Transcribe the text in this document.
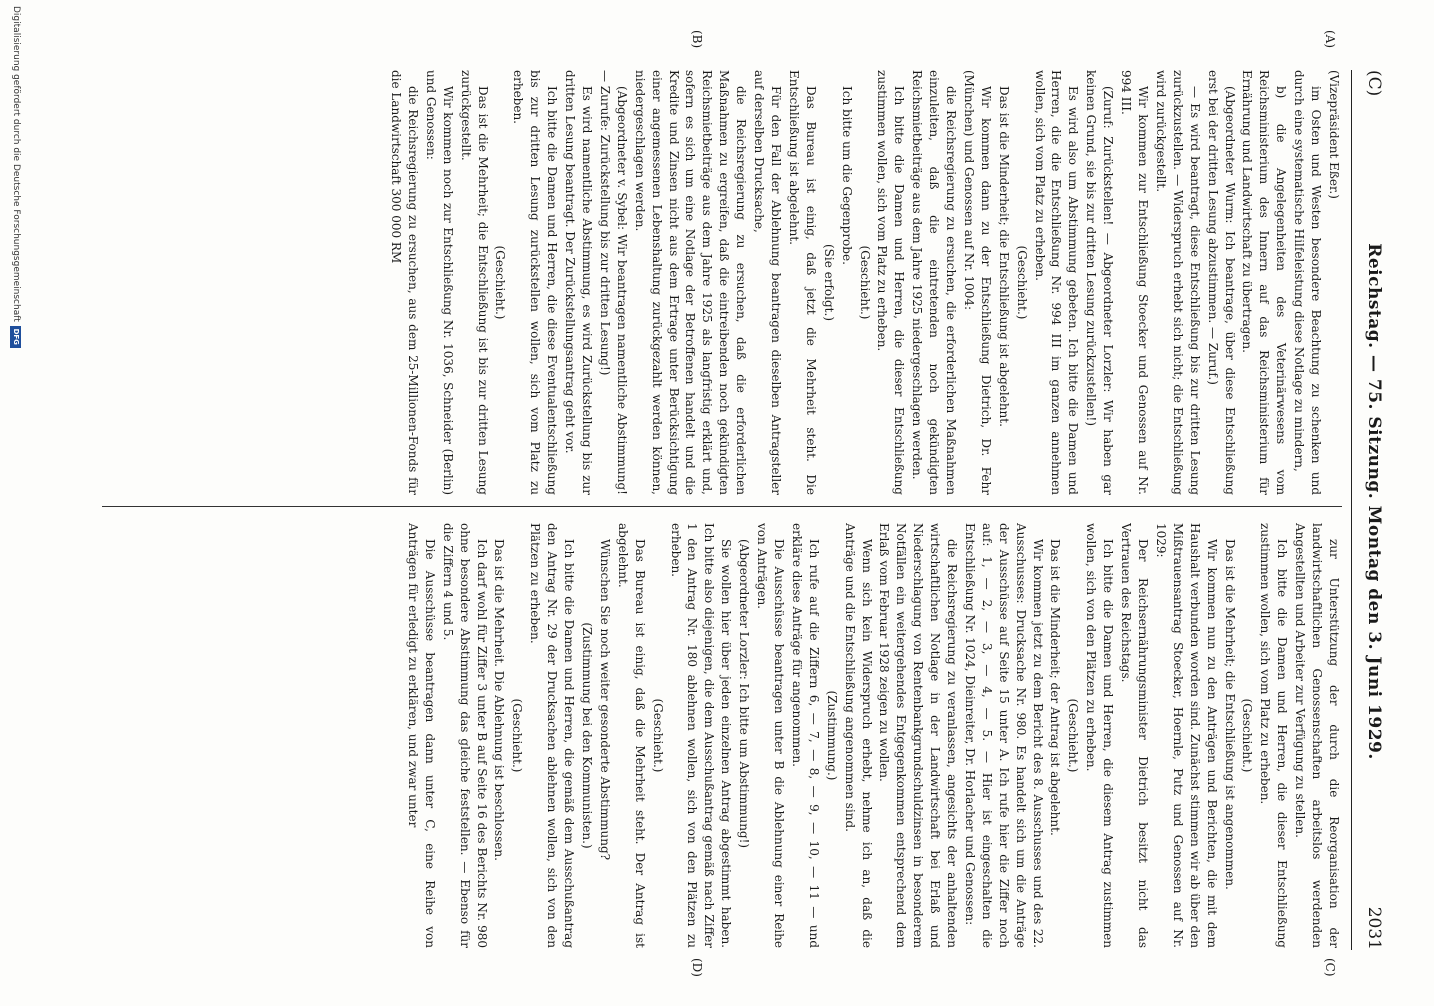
(C)
Reichstag. — 75. Sitzung. Montag den 3. Juni 1929.
2031
(A)
(B)
(C)
(D)

(Vizepräsident Eßer.)

im Osten und Westen besondere Beachtung zu schenken und durch eine systematische Hilfeleistung diese Notlage zu mindern,

b) die Angelegenheiten des Veterinärwesens vom Reichsministerium des Innern auf das Reichsministerium für Ernährung und Landwirtschaft zu übertragen.

(Abgeordneter Wurm: Ich beantrage, über diese Entschließung erst bei der dritten Lesung abzustimmen. — Zuruf.)

— Es wird beantragt, diese Entschließung bis zur dritten Lesung zurückzustellen. — Widerspruch erhebt sich nicht; die Entschließung wird zurückgestellt.

Wir kommen zur Entschließung Stoecker und Genossen auf Nr. 994 III.

(Zuruf: Zurückstellen! — Abgeordneter Lorzler: Wir haben gar keinen Grund, sie bis zur dritten Lesung zurückzustellen!)

Es wird also um Abstimmung gebeten. Ich bitte die Damen und Herren, die die Entschließung Nr. 994 III im ganzen annehmen wollen, sich vom Platz zu erheben.

(Geschieht.)

Das ist die Minderheit; die Entschließung ist abgelehnt.

Wir kommen dann zu der Entschließung Dietrich, Dr. Fehr (München) und Genossen auf Nr. 1004:

die Reichsregierung zu ersuchen, die erforderlichen Maßnahmen einzuleiten, daß die eintretenden noch gekündigten Reichsmietbeiträge aus dem Jahre 1925 niedergeschlagen werden.

Ich bitte die Damen und Herren, die dieser Entschließung zustimmen wollen, sich vom Platz zu erheben.

(Geschieht.)

Ich bitte um die Gegenprobe.

(Sie erfolgt.)

Das Bureau ist einig, daß jetzt die Mehrheit steht. Die Entschließung ist abgelehnt.

Für den Fall der Ablehnung beantragen dieselben Antragsteller auf derselben Drucksache,

die Reichsregierung zu ersuchen, daß die erforderlichen Maßnahmen zu ergreifen, daß die eintreibenden noch gekündigten Reichsmietbeiträge aus dem Jahre 1925 als langfristig erklärt und, sofern es sich um eine Notlage der Betroffenen handelt und die Kredite und Zinsen nicht aus dem Ertrage unter Berücksichtigung einer angemessenen Lebenshaltung zurückgezahlt werden können, niedergeschlagen werden.

(Abgeordneter v. Sybel: Wir beantragen namentliche Abstimmung! — Zurufe: Zurückstellung bis zur dritten Lesung!)

Es wird namentliche Abstimmung, es wird Zurückstellung bis zur dritten Lesung beantragt. Der Zurückstellungsantrag geht vor.

Ich bitte die Damen und Herren, die diese Eventualentschließung bis zur dritten Lesung zurückstellen wollen, sich vom Platz zu erheben.

(Geschieht.)

Das ist die Mehrheit; die Entschließung ist bis zur dritten Lesung zurückgestellt.

Wir kommen noch zur Entschließung Nr. 1036, Schneider (Berlin) und Genossen:

die Reichsregierung zu ersuchen, aus dem 25-Millionen-Fonds für die Landwirtschaft 300 000 RM

zur Unterstützung der durch die Reorganisation der landwirtschaftlichen Genossenschaften arbeitslos werdenden Angestellten und Arbeiter zur Verfügung zu stellen.

Ich bitte die Damen und Herren, die dieser Entschließung zustimmen wollen, sich vom Platz zu erheben.

(Geschieht.)

Das ist die Mehrheit; die Entschließung ist angenommen.

Wir kommen nun zu den Anträgen und Berichten, die mit dem Haushalt verbunden worden sind. Zunächst stimmen wir ab über den Mißtrauensantrag Stoecker, Hoernle, Putz und Genossen auf Nr. 1029:

Der Reichsernährungsminister Dietrich besitzt nicht das Vertrauen des Reichstags.

Ich bitte die Damen und Herren, die diesem Antrag zustimmen wollen, sich von den Plätzen zu erheben.

(Geschieht.)

Das ist die Minderheit; der Antrag ist abgelehnt.

Wir kommen jetzt zu dem Bericht des 8. Ausschusses und des 22. Ausschusses: Drucksache Nr. 980. Es handelt sich um die Anträge der Ausschüsse auf Seite 15 unter A. Ich rufe hier die Ziffer noch auf: 1, — 2, — 3, — 4, — 5. — Hier ist eingeschalten die Entschließung Nr. 1024, Dieinreiter, Dr. Horlacher und Genossen:

die Reichsregierung zu veranlassen, angesichts der anhaltenden wirtschaftlichen Notlage in der Landwirtschaft bei Erlaß und Niederschlagung von Rentenbankgrundschuldzinsen in besonderem Notfällen ein weitergehendes Entgegenkommen entsprechend dem Erlaß vom Februar 1928 zeigen zu wollen.

Wenn sich kein Widerspruch erhebt, nehme ich an, daß die Anträge und die Entschließung angenommen sind.

(Zustimmung.)

Ich rufe auf die Ziffern 6, — 7, — 8, — 9, — 10, — 11 — und erkläre diese Anträge für angenommen.

Die Ausschüsse beantragen unter B die Ablehnung einer Reihe von Anträgen.

(Abgeordneter Lorzler: Ich bitte um Abstimmung!)

Sie wollen hier über jeden einzelnen Antrag abgestimmt haben. Ich bitte also diejenigen, die dem Ausschußantrag gemäß nach Ziffer 1 den Antrag Nr. 180 ablehnen wollen, sich von den Plätzen zu erheben.

(Geschieht.)

Das Bureau ist einig, daß die Mehrheit steht. Der Antrag ist abgelehnt.

Wünschen Sie noch weiter gesonderte Abstimmung?

(Zustimmung bei den Kommunisten.)

Ich bitte die Damen und Herren, die gemäß dem Ausschußantrag den Antrag Nr. 29 der Drucksachen ablehnen wollen, sich von den Plätzen zu erheben.

(Geschieht.)

Das ist die Mehrheit. Die Ablehnung ist beschlossen.

Ich darf wohl für Ziffer 3 unter B auf Seite 16 des Berichts Nr. 980 ohne besondere Abstimmung das gleiche feststellen. — Ebenso für die Ziffern 4 und 5.

Die Ausschüsse beantragen dann unter C, eine Reihe von Anträgen für erledigt zu erklären, und zwar unter

Digitalisierung gefördert durch die Deutsche Forschungsgemeinschaft
DFG
